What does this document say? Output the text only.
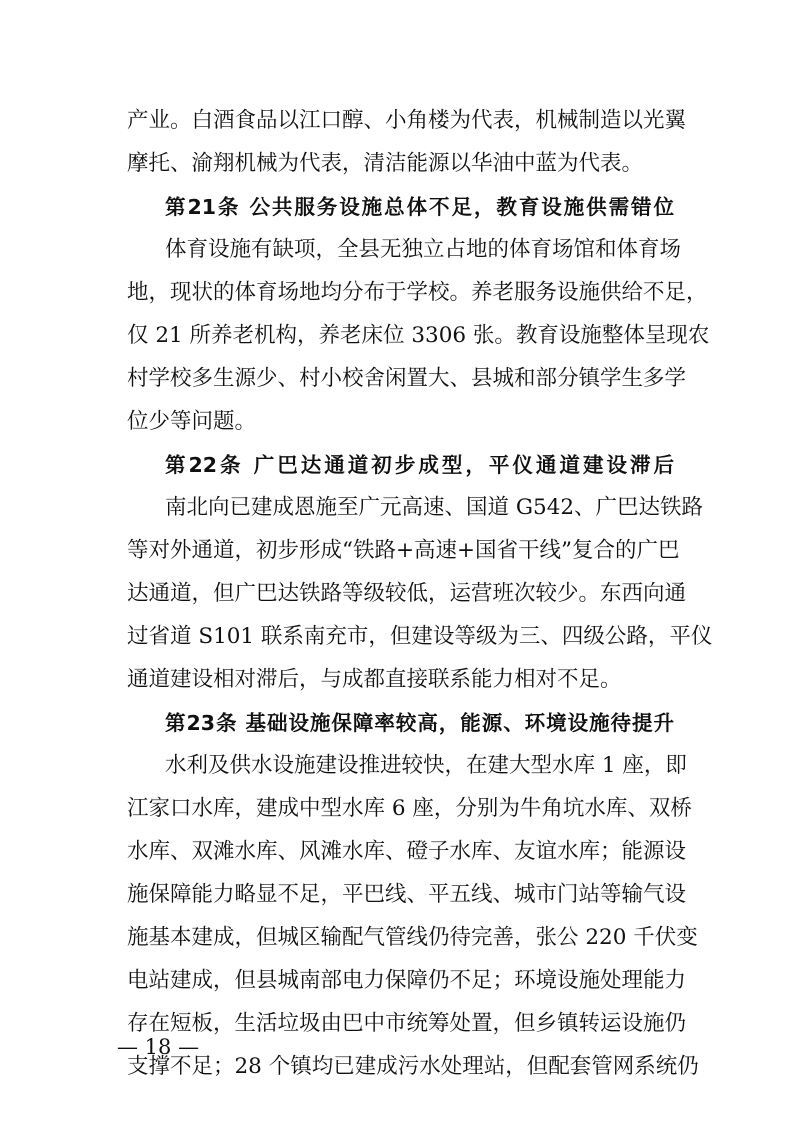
产业。白酒食品以江口醇、小角楼为代表，机械制造以光翼
摩托、渝翔机械为代表，清洁能源以华油中蓝为代表。
第21条 公共服务设施总体不足，教育设施供需错位
体育设施有缺项，全县无独立占地的体育场馆和体育场
地，现状的体育场地均分布于学校。养老服务设施供给不足，
仅 21 所养老机构，养老床位 3306 张。教育设施整体呈现农
村学校多生源少、村小校舍闲置大、县城和部分镇学生多学
位少等问题。
第22条 广巴达通道初步成型，平仪通道建设滞后
南北向已建成恩施至广元高速、国道 G542、广巴达铁路
等对外通道，初步形成“铁路+高速+国省干线”复合的广巴
达通道，但广巴达铁路等级较低，运营班次较少。东西向通
过省道 S101 联系南充市，但建设等级为三、四级公路，平仪
通道建设相对滞后，与成都直接联系能力相对不足。
第23条 基础设施保障率较高，能源、环境设施待提升
水利及供水设施建设推进较快，在建大型水库 1 座，即
江家口水库，建成中型水库 6 座，分别为牛角坑水库、双桥
水库、双滩水库、风滩水库、磴子水库、友谊水库；能源设
施保障能力略显不足，平巴线、平五线、城市门站等输气设
施基本建成，但城区输配气管线仍待完善，张公 220 千伏变
电站建成，但县城南部电力保障仍不足；环境设施处理能力
存在短板，生活垃圾由巴中市统筹处置，但乡镇转运设施仍
支撑不足；28 个镇均已建成污水处理站，但配套管网系统仍
— 18 —
